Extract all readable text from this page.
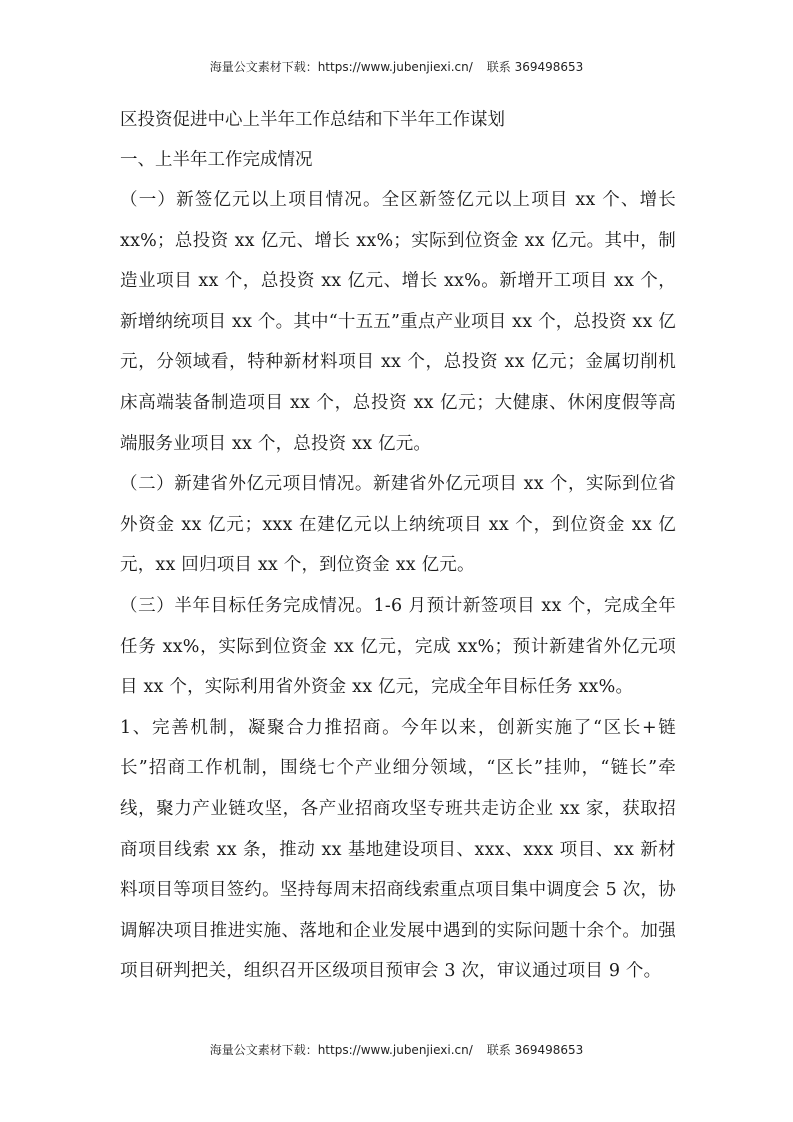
海量公文素材下载：https://www.jubenjiexi.cn/ 联系 369498653
区投资促进中心上半年工作总结和下半年工作谋划
一、上半年工作完成情况

（一）新签亿元以上项目情况。全区新签亿元以上项目 xx 个、增长 xx%；总投资 xx 亿元、增长 xx%；实际到位资金 xx 亿元。其中，制造业项目 xx 个，总投资 xx 亿元、增长 xx%。新增开工项目 xx 个，新增纳统项目 xx 个。其中“十五五”重点产业项目 xx 个，总投资 xx 亿元，分领域看，特种新材料项目 xx 个，总投资 xx 亿元；金属切削机床高端装备制造项目 xx 个，总投资 xx 亿元；大健康、休闲度假等高端服务业项目 xx 个，总投资 xx 亿元。

（二）新建省外亿元项目情况。新建省外亿元项目 xx 个，实际到位省外资金 xx 亿元；xxx 在建亿元以上纳统项目 xx 个，到位资金 xx 亿元，xx 回归项目 xx 个，到位资金 xx 亿元。

（三）半年目标任务完成情况。1-6 月预计新签项目 xx 个，完成全年任务 xx%，实际到位资金 xx 亿元，完成 xx%；预计新建省外亿元项目 xx 个，实际利用省外资金 xx 亿元，完成全年目标任务 xx%。

1、完善机制，凝聚合力推招商。今年以来，创新实施了“区长+链长”招商工作机制，围绕七个产业细分领域，“区长”挂帅，“链长”牵线，聚力产业链攻坚，各产业招商攻坚专班共走访企业 xx 家，获取招商项目线索 xx 条，推动 xx 基地建设项目、xxx、xxx 项目、xx 新材料项目等项目签约。坚持每周末招商线索重点项目集中调度会 5 次，协调解决项目推进实施、落地和企业发展中遇到的实际问题十余个。加强项目研判把关，组织召开区级项目预审会 3 次，审议通过项目 9 个。

海量公文素材下载：https://www.jubenjiexi.cn/ 联系 369498653
